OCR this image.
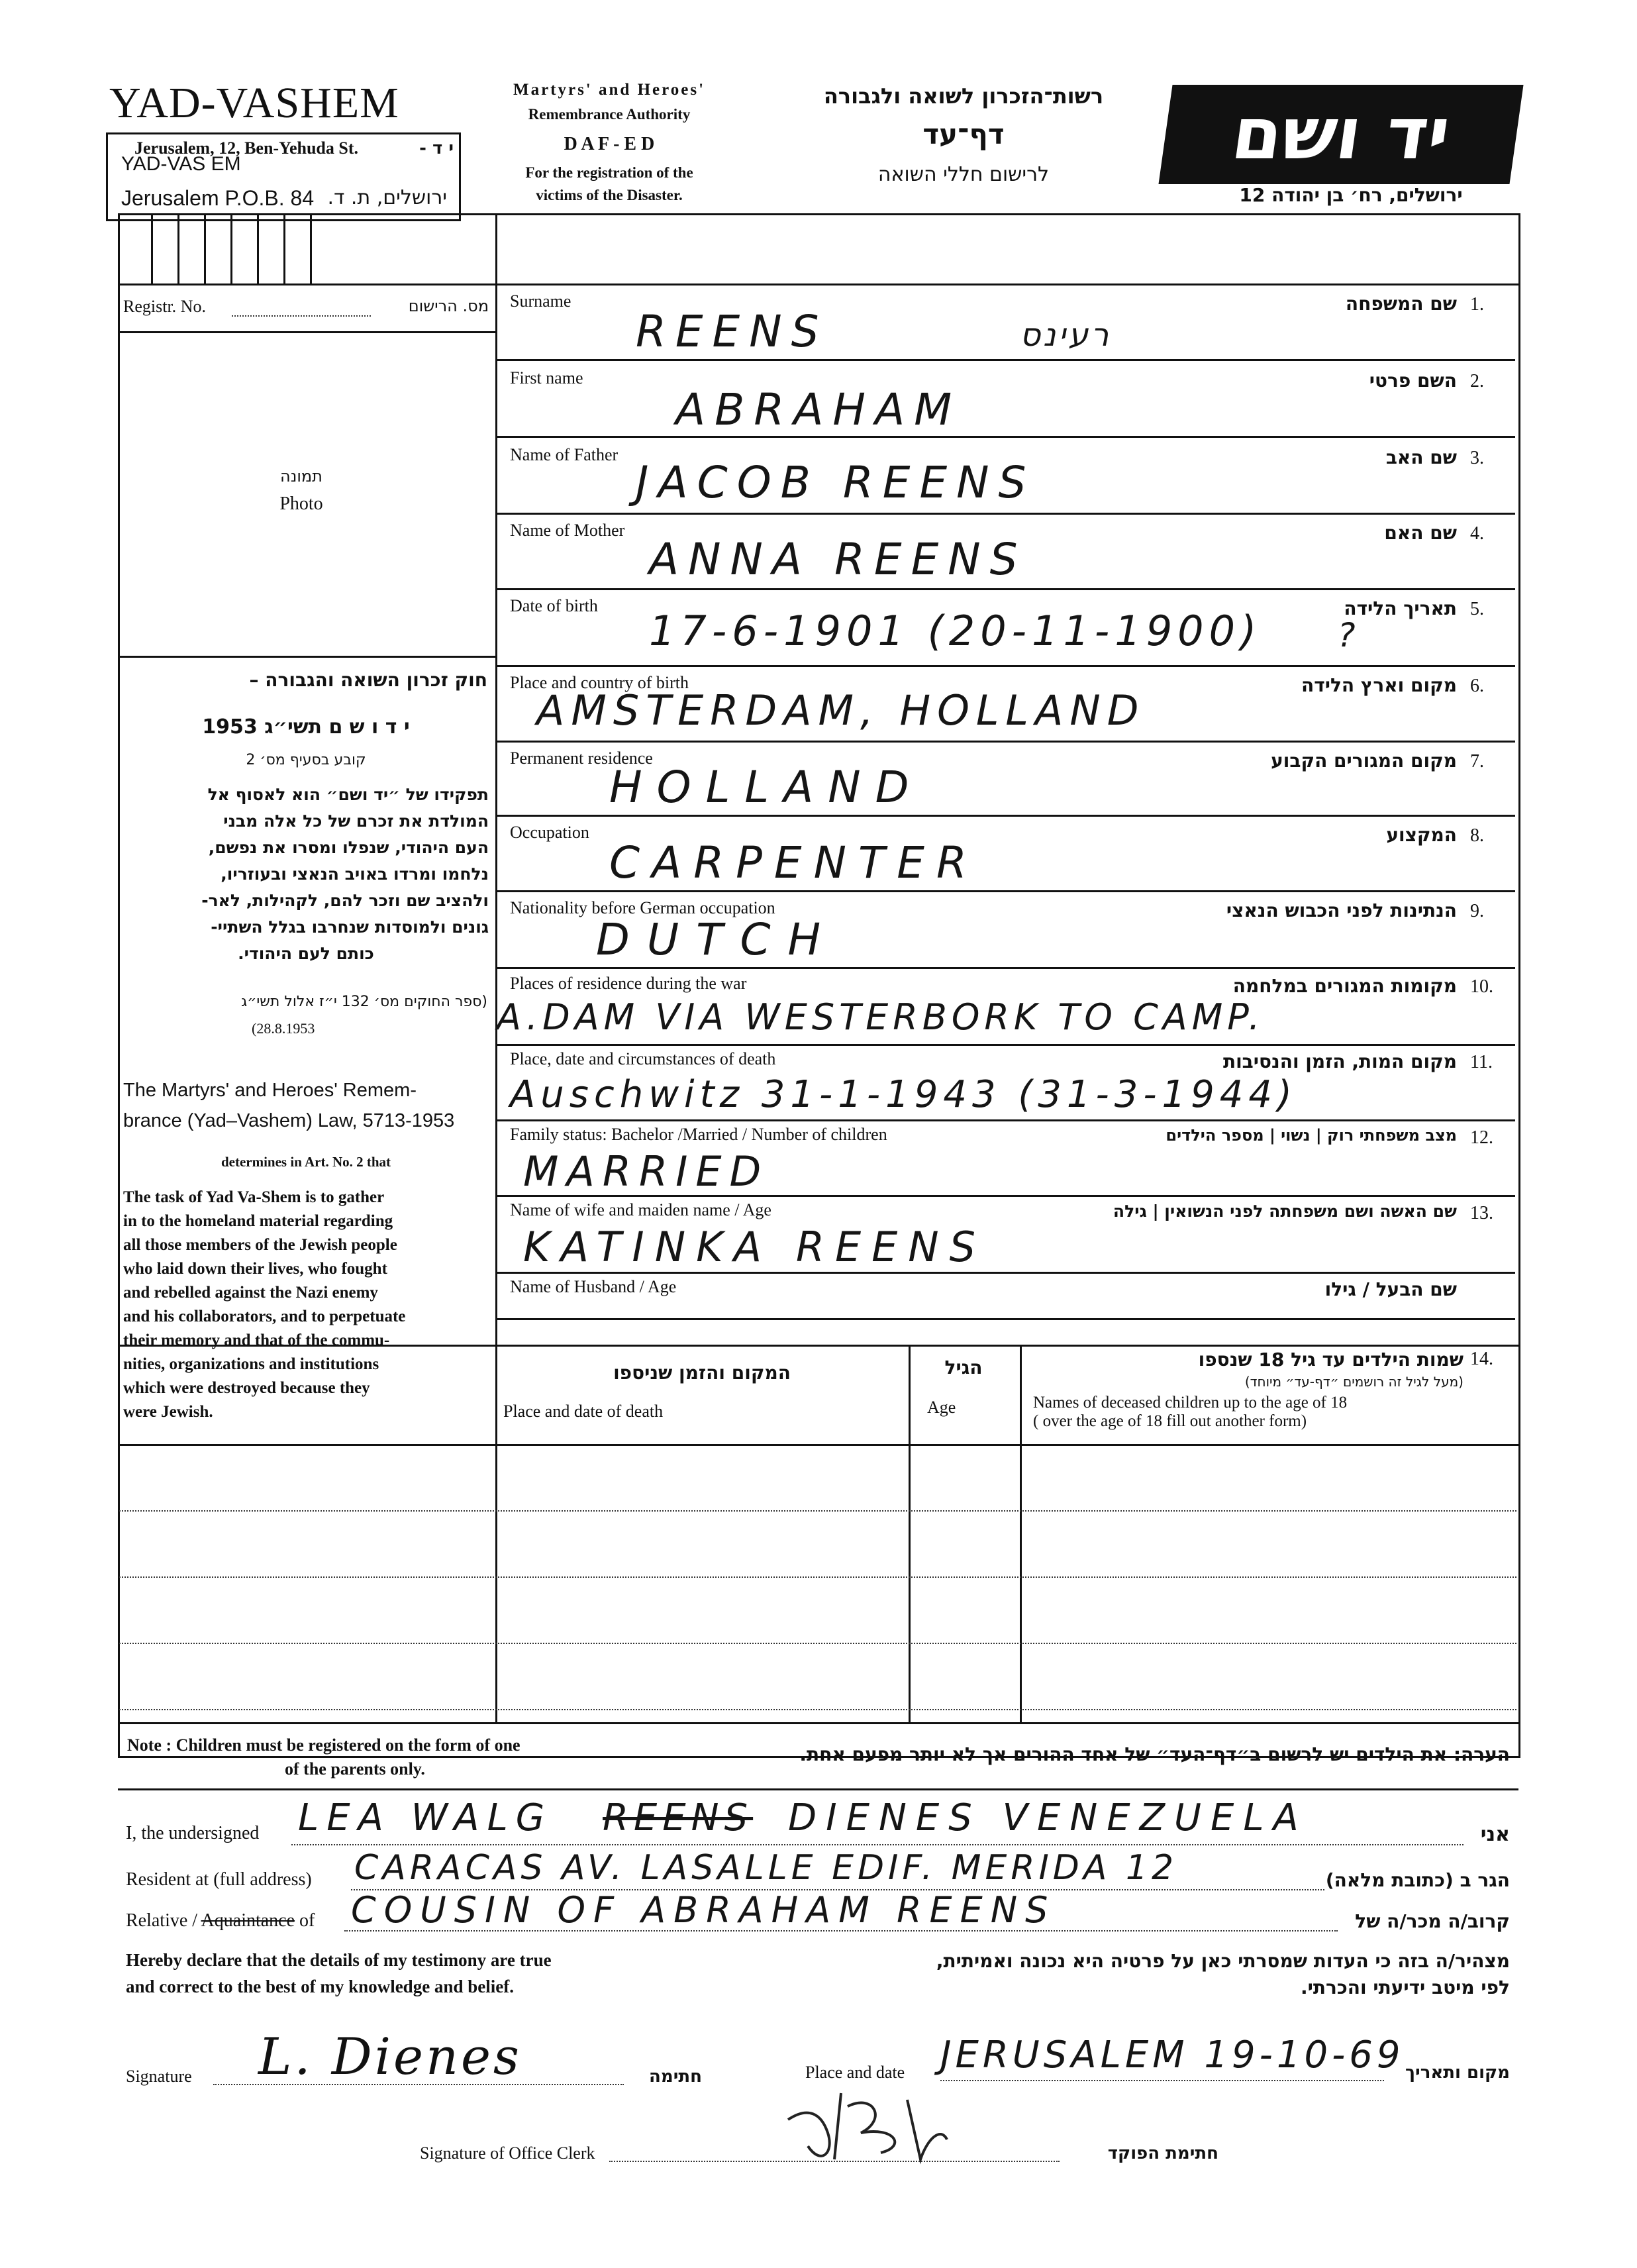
YAD-VASHEM
Jerusalem, 12, Ben-Yehuda St.	י ד -
YAD-VAS EM
Jerusalem P.O.B. 84 ירושלים, ת. ד.
Martyrs' and Heroes'
Remembrance Authority
D A F - E D
For the registration of the
victims of the Disaster.
רשות־הזכרון לשואה ולגבורה
דף־עד
לרישום חללי השואה	יד ושם
ירושלים, רח׳ בן יהודה 12
Registr. No.	מס. הרישום
תמונה
Photo
חוק זכרון השואה והגבורה –
י ד ו ש ם תשי״ג 1953
קובע בסעיף מס׳ 2
תפקידו של ״יד ושם״ הוא לאסוף אל
המולדת את זכרם של כל אלה מבני
העם היהודי, שנפלו ומסרו את נפשם,
נלחמו ומרדו באויב הנאצי ובעוזריו,
ולהציב שם וזכר להם, לקהילות, לאר-
גונים ולמוסדות שנחרבו בגלל השתיי-
כותם לעם היהודי.
(ספר החוקים מס׳ 132 י״ז אלול תשי״ג
(28.8.1953
The Martyrs' and Heroes' Remem-
brance (Yad–Vashem) Law, 5713-1953
determines in Art. No. 2 that
The task of Yad Va-Shem is to gather
in to the homeland material regarding
all those members of the Jewish people
who laid down their lives, who fought
and rebelled against the Nazi enemy
and his collaborators, and to perpetuate
their memory and that of the commu-
nities, organizations and institutions
which were destroyed because they
were Jewish.
Surname	שם המשפחה 1.
REENS	רעינס
First name	השם פרטי 2.
ABRAHAM
Name of Father	שם האב 3.
JACOB REENS
Name of Mother	שם האם 4.
ANNA REENS
Date of birth	תאריך הלידה 5.
17-6-1901 (20-11-1900) ?
Place and country of birth	מקום וארץ הלידה 6.
AMSTERDAM, HOLLAND
Permanent residence	מקום המגורים הקבוע 7.
HOLLAND
Occupation	המקצוע 8.
CARPENTER
Nationality before German occupation	הנתינות לפני הכבוש הנאצי 9.
DUTCH
Places of residence during the war	מקומות המגורים במלחמה 10.
A.DAM VIA WESTERBORK TO CAMP.
Place, date and circumstances of death	מקום המות, הזמן והנסיבות 11.
Auschwitz 31-1-1943 (31-3-1944)
Family status: Bachelor /Married / Number of children	מצב משפחתי רוק | נשוי | מספר הילדים 12.
MARRIED
Name of wife and maiden name / Age	שם האשה ושם משפחתה לפני הנשואין | גילה 13.
KATINKA REENS
Name of Husband / Age	שם הבעל / גילו
14.
שמות הילדים עד גיל 18 שנספו
(מעל לגיל זה רושמים ״דף-עד״ מיוחד)
Names of deceased children up to the age of 18
( over the age of 18 fill out another form)
הגיל
Age
המקום והזמן שניספו
Place and date of death
Note : Children must be registered on the form of one
of the parents only.
הערה: את הילדים יש לרשום ב״דף־העד״ של אחד ההורים אך לא יותר מפעם אחת.
I, the undersigned LEA WALG REENS DIENES VENEZUELA	אני
Resident at (full address) CARACAS AV. LASALLE EDIF. MERIDA 12	הגר ב (כתובת מלאה)
Relative / Aquaintance of COUSIN OF ABRAHAM REENS	קרוב/ה מכר/ה של
Hereby declare that the details of my testimony are true
and correct to the best of my knowledge and belief.
מצהיר/ה בזה כי העדות שמסרתי כאן על פרטיה היא נכונה ואמיתית,
לפי מיטב ידיעתי והכרתי.
Signature L. Dienes	חתימה	Place and date JERUSALEM 19-10-69 מקום ותאריך
Signature of Office Clerk	חתימת הפוקד
